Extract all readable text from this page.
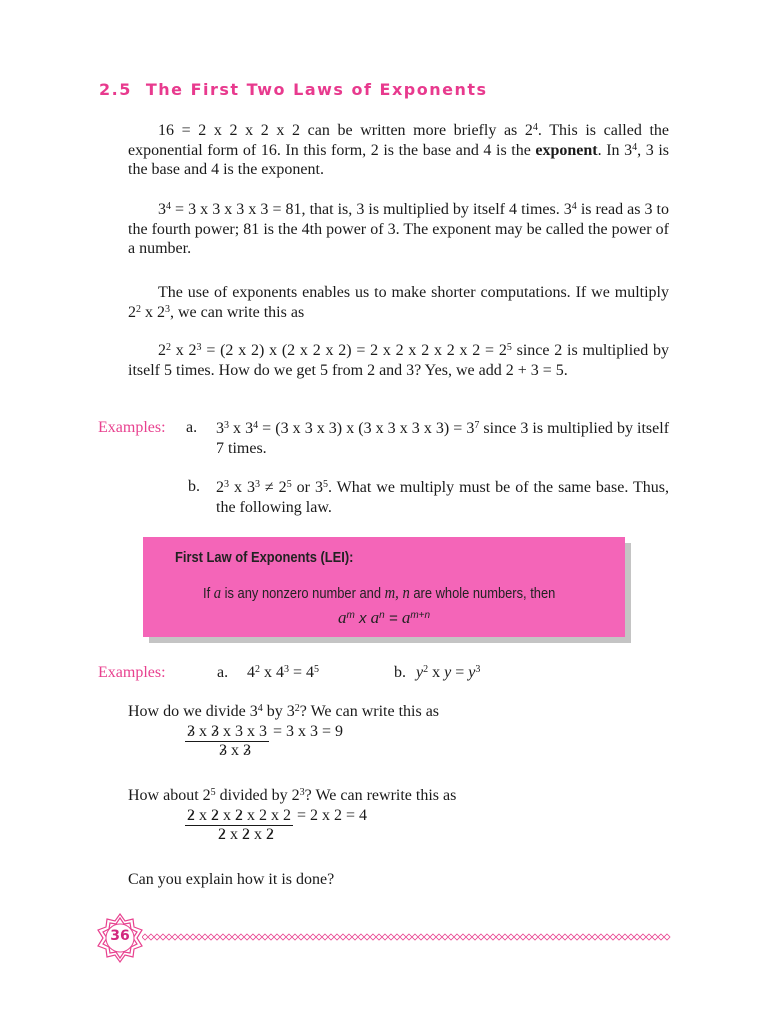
2.5 The First Two Laws of Exponents

16 = 2 x 2 x 2 x 2 can be written more briefly as $2^4$. This is called the exponential form of 16. In this form, 2 is the base and 4 is the exponent. In $3^4$, 3 is the base and 4 is the exponent.

$3^4 = 3$ x 3 x 3 x 3 = 81, that is, 3 is multiplied by itself 4 times. $3^4$ is read as 3 to the fourth power; 81 is the 4th power of 3. The exponent may be called the power of a number.

The use of exponents enables us to make shorter computations. If we multiply $2^2$ x $2^3$, we can write this as

$2^2$ x $2^3 = (2$ x 2) x (2 x 2 x 2) = 2 x 2 x 2 x 2 x $2 = 2^5$ since 2 is multiplied by itself 5 times. How do we get 5 from 2 and 3? Yes, we add 2 + 3 = 5.

Examples: a. $3^3$ x $3^4 = (3$ x 3 x 3) x (3 x 3 x 3 x $3) = 3^7$ since 3 is multiplied by itself 7 times.

b. $2^3$ x $3^3 \ne 2^5$ or $3^5$. What we multiply must be of the same base. Thus, the following law.

First Law of Exponents (LEI):
If a is any nonzero number and m, n are whole numbers, then
$a^m$ x $a^n = a^{m+n}$
Examples:	a. $4^2$ x $4^3 = 4^5$	b. $y^2$ x $y = y^3$

How do we divide $3^4$ by $3^2$? We can write this as

3 x 3 x 3 x 3 = 3 x 3 = 9
3 x 3

How about $2^5$ divided by $2^3$? We can rewrite this as

2 x 2 x 2 x 2 x 2 = 2 x 2 = 4
2 x 2 x 2

Can you explain how it is done?

36
